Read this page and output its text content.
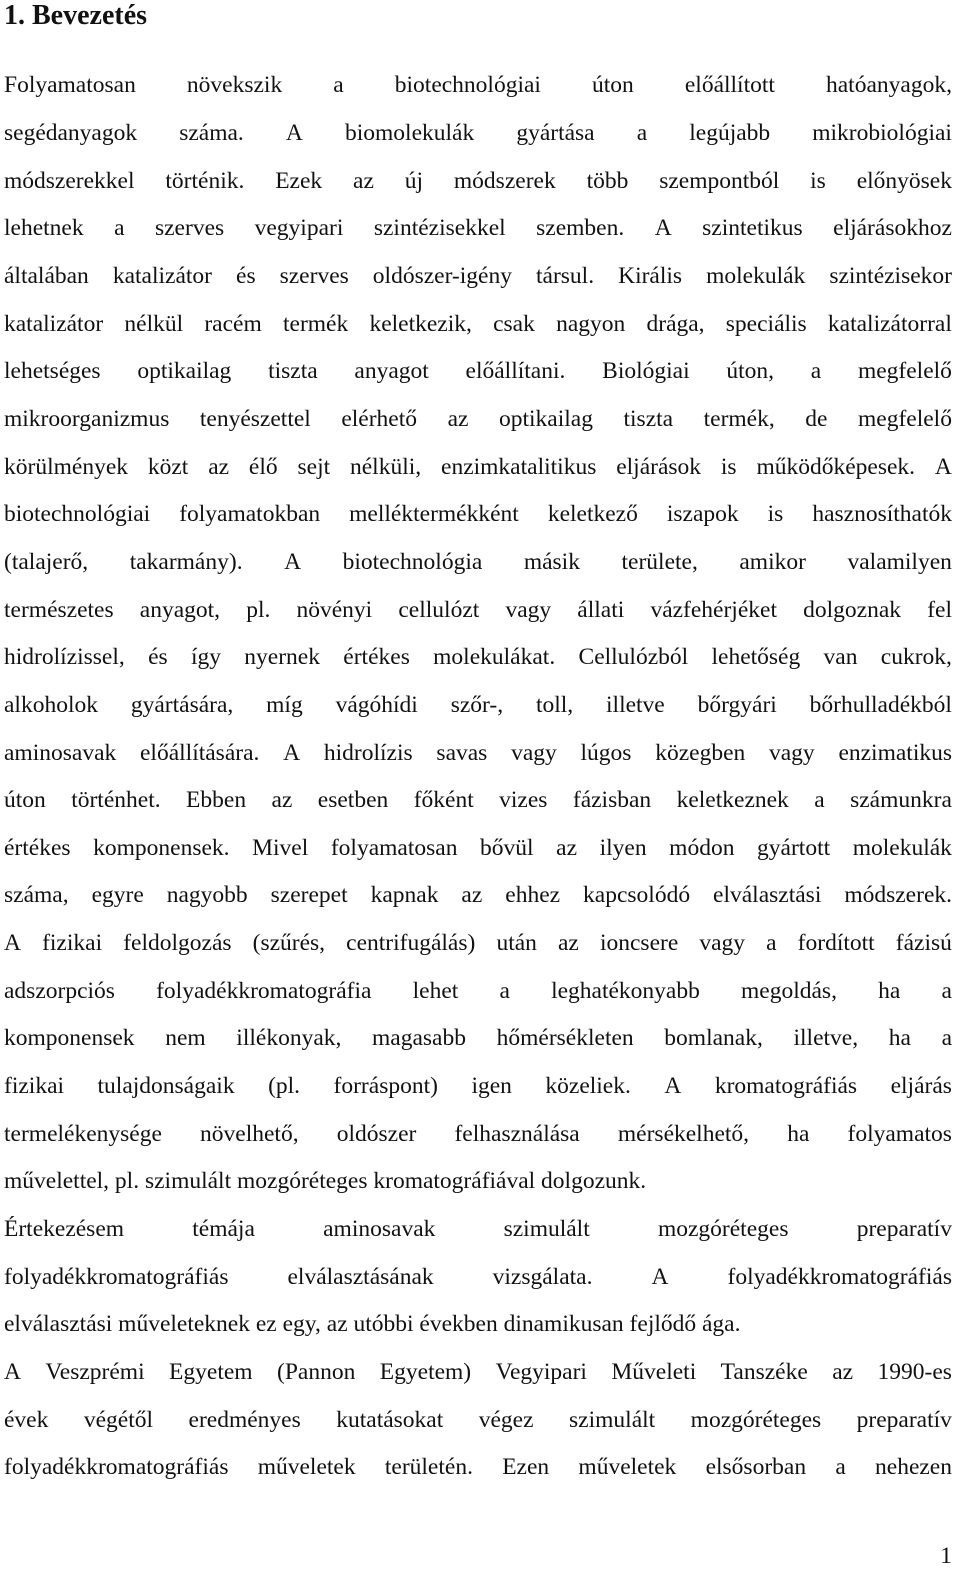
1. Bevezetés
Folyamatosan növekszik a biotechnológiai úton előállított hatóanyagok,
segédanyagok száma. A biomolekulák gyártása a legújabb mikrobiológiai
módszerekkel történik. Ezek az új módszerek több szempontból is előnyösek
lehetnek a szerves vegyipari szintézisekkel szemben. A szintetikus eljárásokhoz
általában katalizátor és szerves oldószer-igény társul. Királis molekulák szintézisekor
katalizátor nélkül racém termék keletkezik, csak nagyon drága, speciális katalizátorral
lehetséges optikailag tiszta anyagot előállítani. Biológiai úton, a megfelelő
mikroorganizmus tenyészettel elérhető az optikailag tiszta termék, de megfelelő
körülmények közt az élő sejt nélküli, enzimkatalitikus eljárások is működőképesek. A
biotechnológiai folyamatokban melléktermékként keletkező iszapok is hasznosíthatók
(talajerő, takarmány). A biotechnológia másik területe, amikor valamilyen
természetes anyagot, pl. növényi cellulózt vagy állati vázfehérjéket dolgoznak fel
hidrolízissel, és így nyernek értékes molekulákat. Cellulózból lehetőség van cukrok,
alkoholok gyártására, míg vágóhídi szőr-, toll, illetve bőrgyári bőrhulladékból
aminosavak előállítására. A hidrolízis savas vagy lúgos közegben vagy enzimatikus
úton történhet. Ebben az esetben főként vizes fázisban keletkeznek a számunkra
értékes komponensek. Mivel folyamatosan bővül az ilyen módon gyártott molekulák
száma, egyre nagyobb szerepet kapnak az ehhez kapcsolódó elválasztási módszerek.
A fizikai feldolgozás (szűrés, centrifugálás) után az ioncsere vagy a fordított fázisú
adszorpciós folyadékkromatográfia lehet a leghatékonyabb megoldás, ha a
komponensek nem illékonyak, magasabb hőmérsékleten bomlanak, illetve, ha a
fizikai tulajdonságaik (pl. forráspont) igen közeliek. A kromatográfiás eljárás
termelékenysége növelhető, oldószer felhasználása mérsékelhető, ha folyamatos
művelettel, pl. szimulált mozgóréteges kromatográfiával dolgozunk.
Értekezésem	témája	aminosavak	szimulált	mozgóréteges	preparatív
folyadékkromatográfiás	elválasztásának	vizsgálata.	A	folyadékkromatográfiás
elválasztási műveleteknek ez egy, az utóbbi években dinamikusan fejlődő ága.
A Veszprémi Egyetem (Pannon Egyetem) Vegyipari Műveleti Tanszéke az 1990-es
évek végétől eredményes kutatásokat végez szimulált mozgóréteges preparatív
folyadékkromatográfiás műveletek területén. Ezen műveletek elsősorban a nehezen
1
